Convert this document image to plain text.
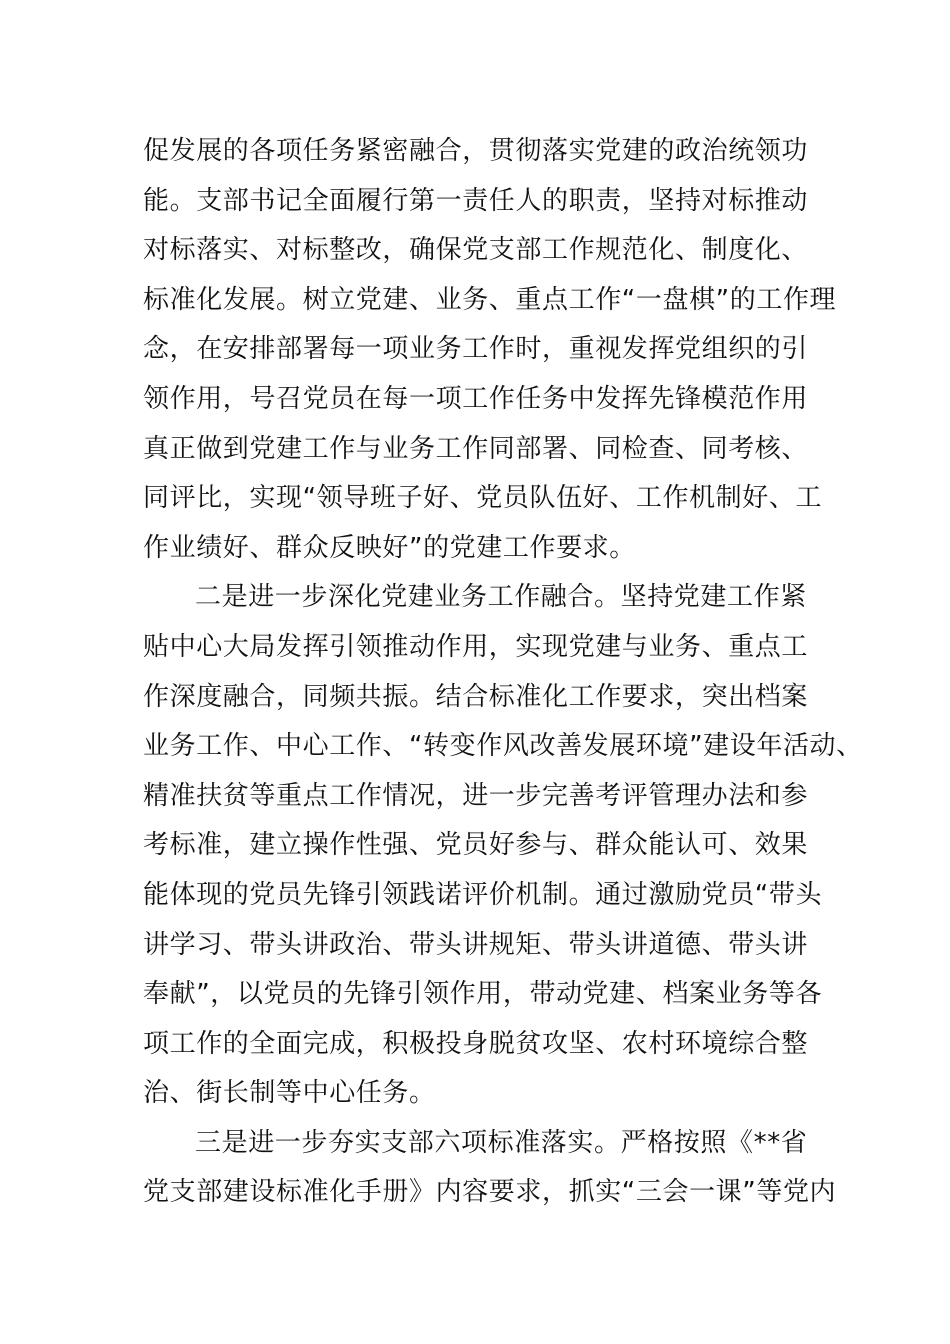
促发展的各项任务紧密融合，贯彻落实党建的政治统领功
能。支部书记全面履行第一责任人的职责，坚持对标推动
对标落实、对标整改，确保党支部工作规范化、制度化、
标准化发展。树立党建、业务、重点工作“一盘棋”的工作理
念，在安排部署每一项业务工作时，重视发挥党组织的引
领作用，号召党员在每一项工作任务中发挥先锋模范作用
真正做到党建工作与业务工作同部署、同检查、同考核、
同评比，实现“领导班子好、党员队伍好、工作机制好、工
作业绩好、群众反映好”的党建工作要求。
二是进一步深化党建业务工作融合。坚持党建工作紧
贴中心大局发挥引领推动作用，实现党建与业务、重点工
作深度融合，同频共振。结合标准化工作要求，突出档案
业务工作、中心工作、“转变作风改善发展环境”建设年活动、
精准扶贫等重点工作情况，进一步完善考评管理办法和参
考标准，建立操作性强、党员好参与、群众能认可、效果
能体现的党员先锋引领践诺评价机制。通过激励党员“带头
讲学习、带头讲政治、带头讲规矩、带头讲道德、带头讲
奉献”，以党员的先锋引领作用，带动党建、档案业务等各
项工作的全面完成，积极投身脱贫攻坚、农村环境综合整
治、街长制等中心任务。
三是进一步夯实支部六项标准落实。严格按照《**省
党支部建设标准化手册》内容要求，抓实“三会一课”等党内
